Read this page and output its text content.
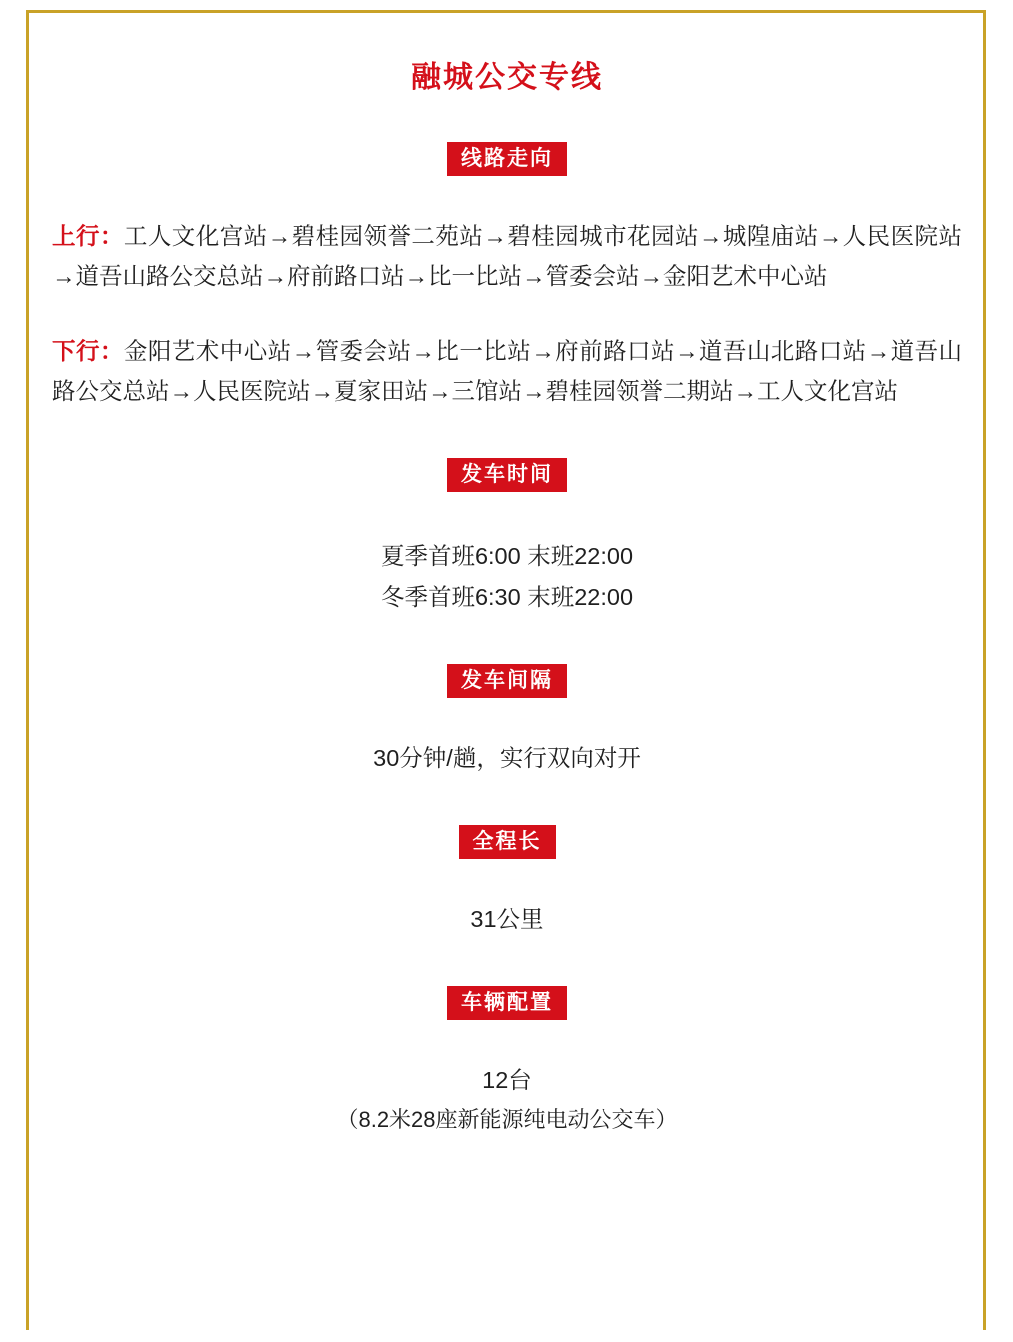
融城公交专线
线路走向

上行：工人文化宫站→碧桂园领誉二苑站→碧桂园城市花园站→城隍庙站→人民医院站→道吾山路公交总站→府前路口站→比一比站→管委会站→金阳艺术中心站

下行：金阳艺术中心站→管委会站→比一比站→府前路口站→道吾山北路口站→道吾山路公交总站→人民医院站→夏家田站→三馆站→碧桂园领誉二期站→工人文化宫站

发车时间
夏季首班6:00 末班22:00
冬季首班6:30 末班22:00
发车间隔
30分钟/趟，实行双向对开
全程长
31公里
车辆配置
12台
（8.2米28座新能源纯电动公交车）
